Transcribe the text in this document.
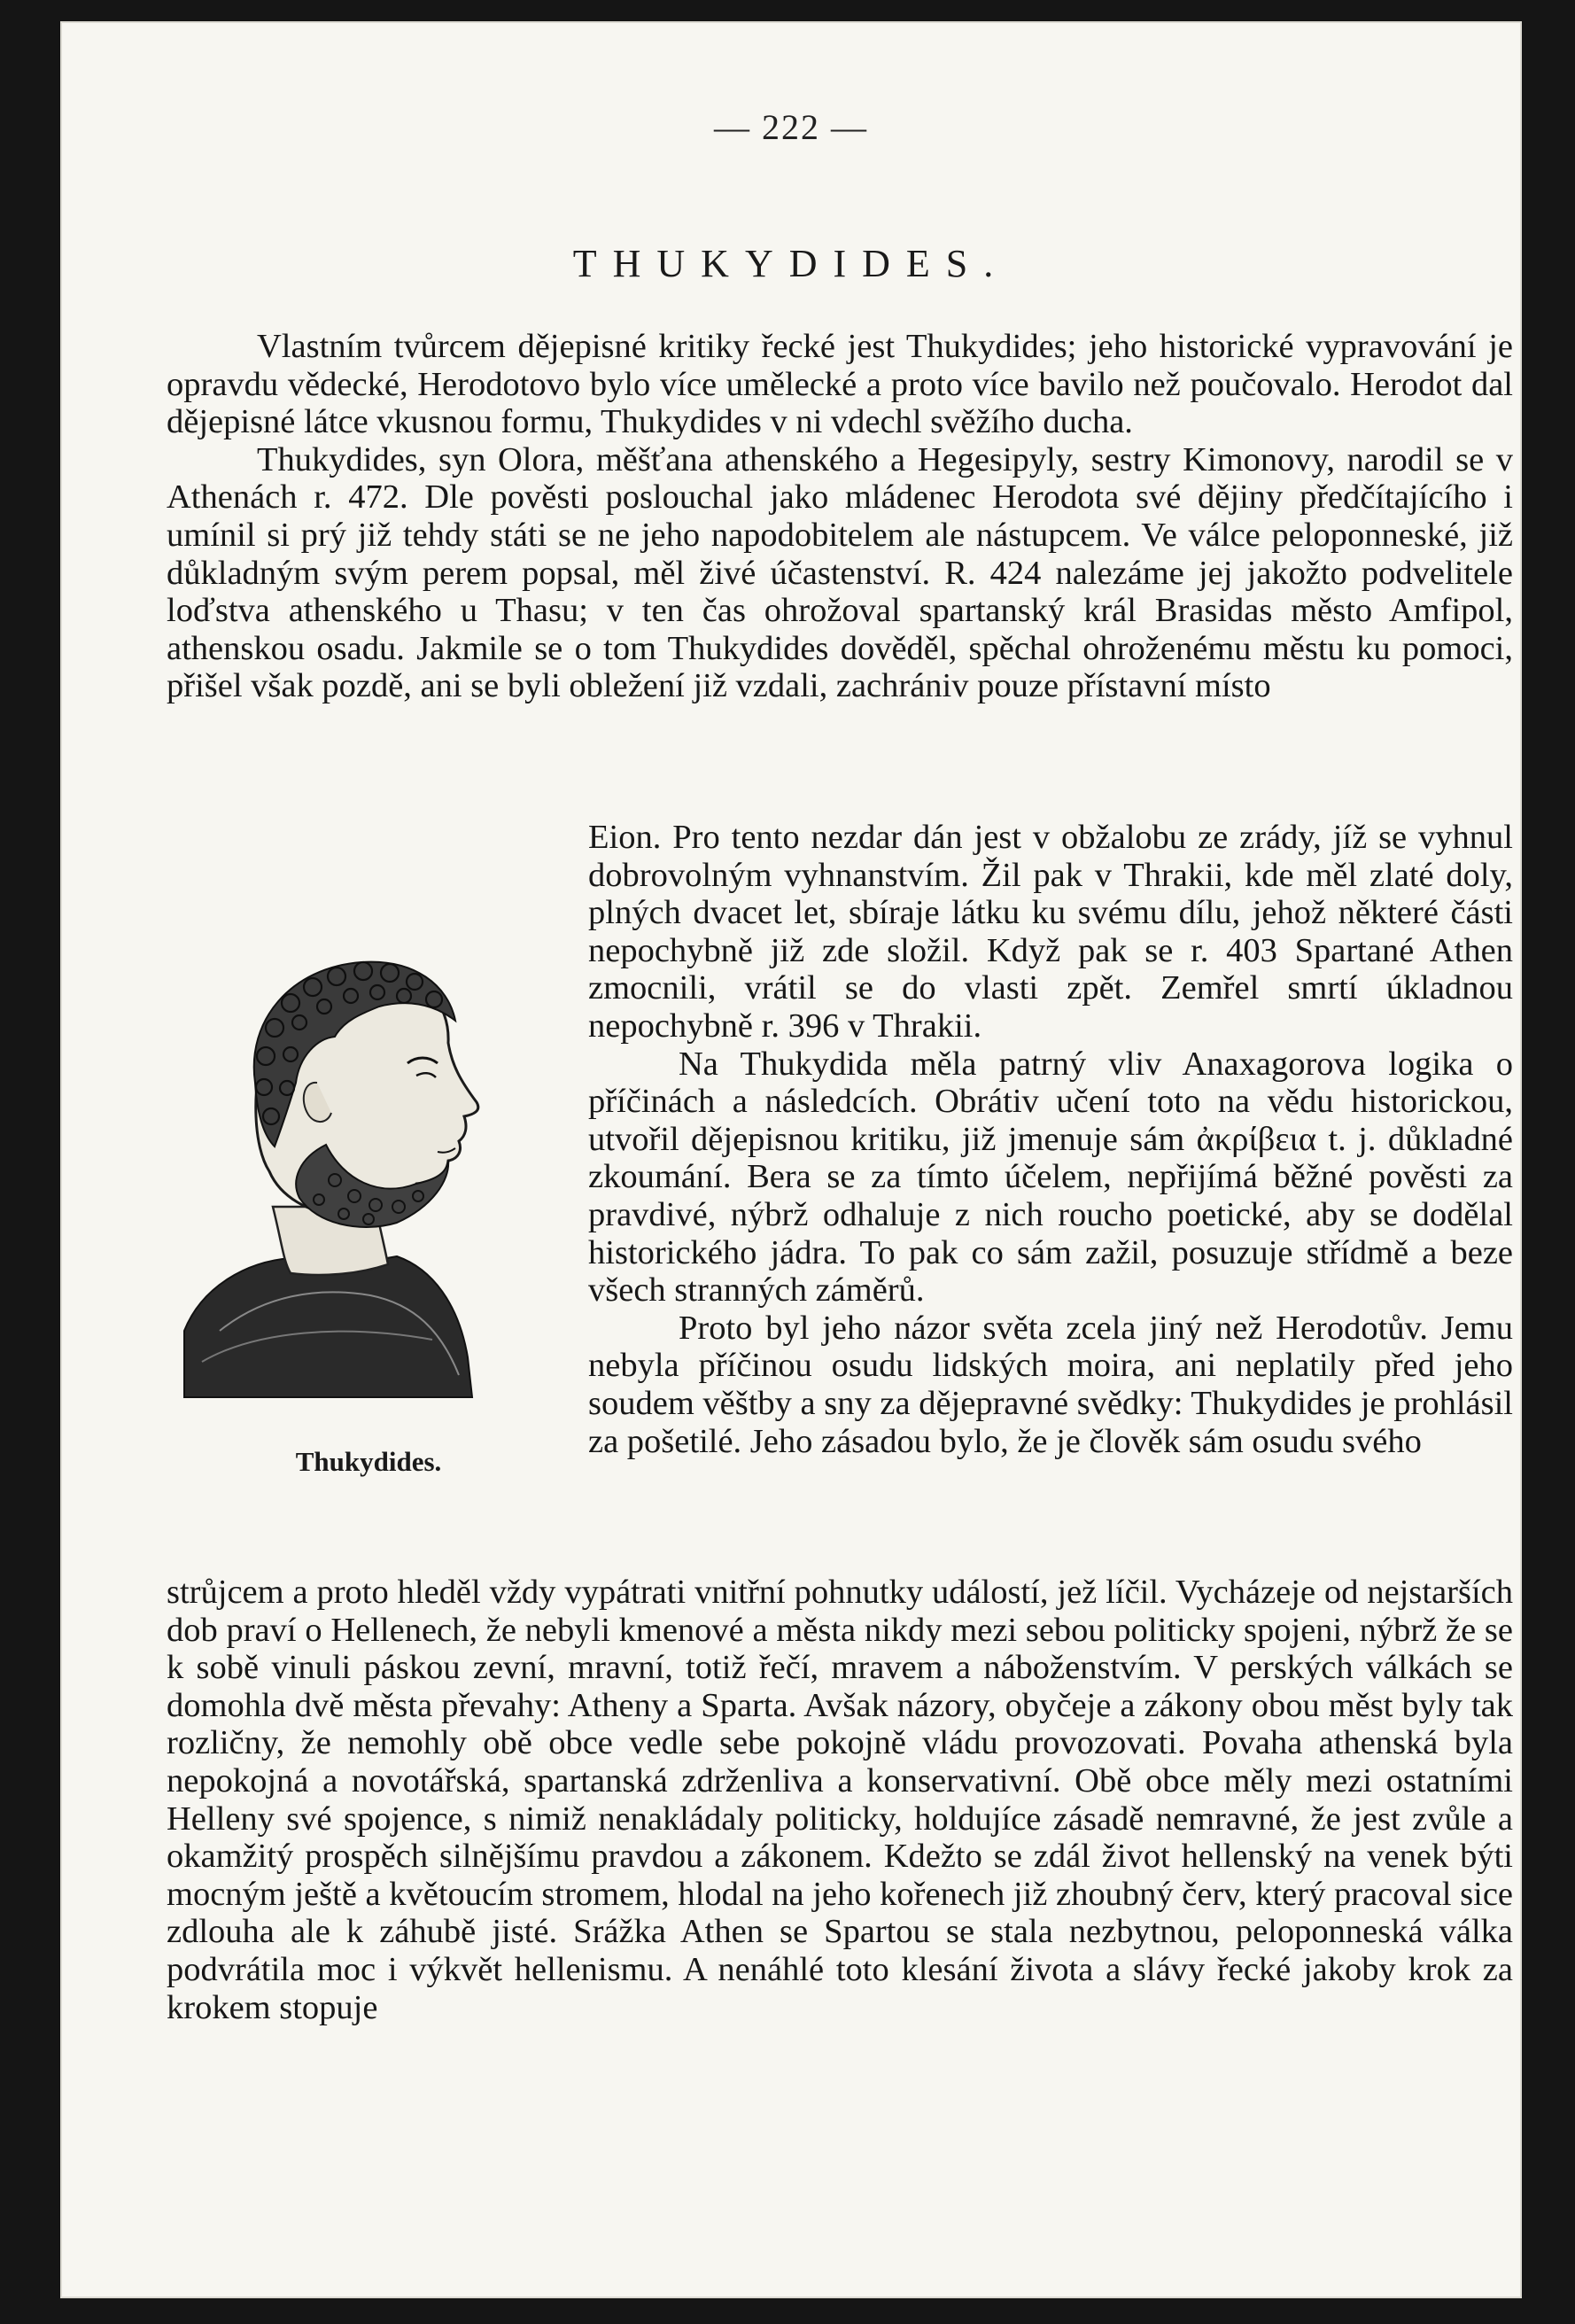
— 222 —
THUKYDIDES.

Vlastním tvůrcem dějepisné kritiky řecké jest Thukydides; jeho historické vypravování je opravdu vědecké, Herodotovo bylo více umělecké a proto více bavilo než poučovalo. Herodot dal dějepisné látce vkusnou formu, Thukydides v ni vdechl svěžího ducha.

Thukydides, syn Olora, měšťana athenského a Hegesipyly, sestry Kimonovy, narodil se v Athenách r. 472. Dle pověsti poslouchal jako mládenec Herodota své dějiny předčítajícího i umínil si prý již tehdy státi se ne jeho napodobitelem ale nástupcem. Ve válce peloponneské, již důkladným svým perem popsal, měl živé účastenství. R. 424 nalezáme jej jakožto podvelitele loďstva athenského u Thasu; v ten čas ohrožoval spartanský král Brasidas město Amfipol, athenskou osadu. Jakmile se o tom Thukydides dověděl, spěchal ohroženému městu ku pomoci, přišel však pozdě, ani se byli obležení již vzdali, zachrániv pouze přístavní místo

Thukydides.

Eion. Pro tento nezdar dán jest v obžalobu ze zrády, jíž se vyhnul dobrovolným vyhnanstvím. Žil pak v Thrakii, kde měl zlaté doly, plných dvacet let, sbíraje látku ku svému dílu, jehož některé části nepochybně již zde složil. Když pak se r. 403 Spartané Athen zmocnili, vrátil se do vlasti zpět. Zemřel smrtí úkladnou nepochybně r. 396 v Thrakii.

Na Thukydida měla patrný vliv Anaxagorova logika o příčinách a následcích. Obrátiv učení toto na vědu historickou, utvořil dějepisnou kritiku, již jmenuje sám ἀκρίβεια t. j. důkladné zkoumání. Bera se za tímto účelem, nepřijímá běžné pověsti za pravdivé, nýbrž odhaluje z nich roucho poetické, aby se dodělal historického jádra. To pak co sám zažil, posuzuje střídmě a beze všech stranných záměrů.

Proto byl jeho názor světa zcela jiný než Herodotův. Jemu nebyla příčinou osudu lidských moira, ani neplatily před jeho soudem věštby a sny za dějepravné svědky: Thukydides je prohlásil za pošetilé. Jeho zásadou bylo, že je člověk sám osudu svého

strůjcem a proto hleděl vždy vypátrati vnitřní pohnutky událostí, jež líčil. Vycházeje od nejstarších dob praví o Hellenech, že nebyli kmenové a města nikdy mezi sebou politicky spojeni, nýbrž že se k sobě vinuli páskou zevní, mravní, totiž řečí, mravem a náboženstvím. V perských válkách se domohla dvě města převahy: Atheny a Sparta. Avšak názory, obyčeje a zákony obou měst byly tak rozličny, že nemohly obě obce vedle sebe pokojně vládu provozovati. Povaha athenská byla nepokojná a novotářská, spartanská zdrženliva a konservativní. Obě obce měly mezi ostatními Helleny své spojence, s nimiž nenakládaly politicky, holdujíce zásadě nemravné, že jest zvůle a okamžitý prospěch silnějšímu pravdou a zákonem. Kdežto se zdál život hellenský na venek býti mocným ještě a květoucím stromem, hlodal na jeho kořenech již zhoubný červ, který pracoval sice zdlouha ale k záhubě jisté. Srážka Athen se Spartou se stala nezbytnou, peloponneská válka podvrátila moc i výkvět hellenismu. A nenáhlé toto klesání života a slávy řecké jakoby krok za krokem stopuje
